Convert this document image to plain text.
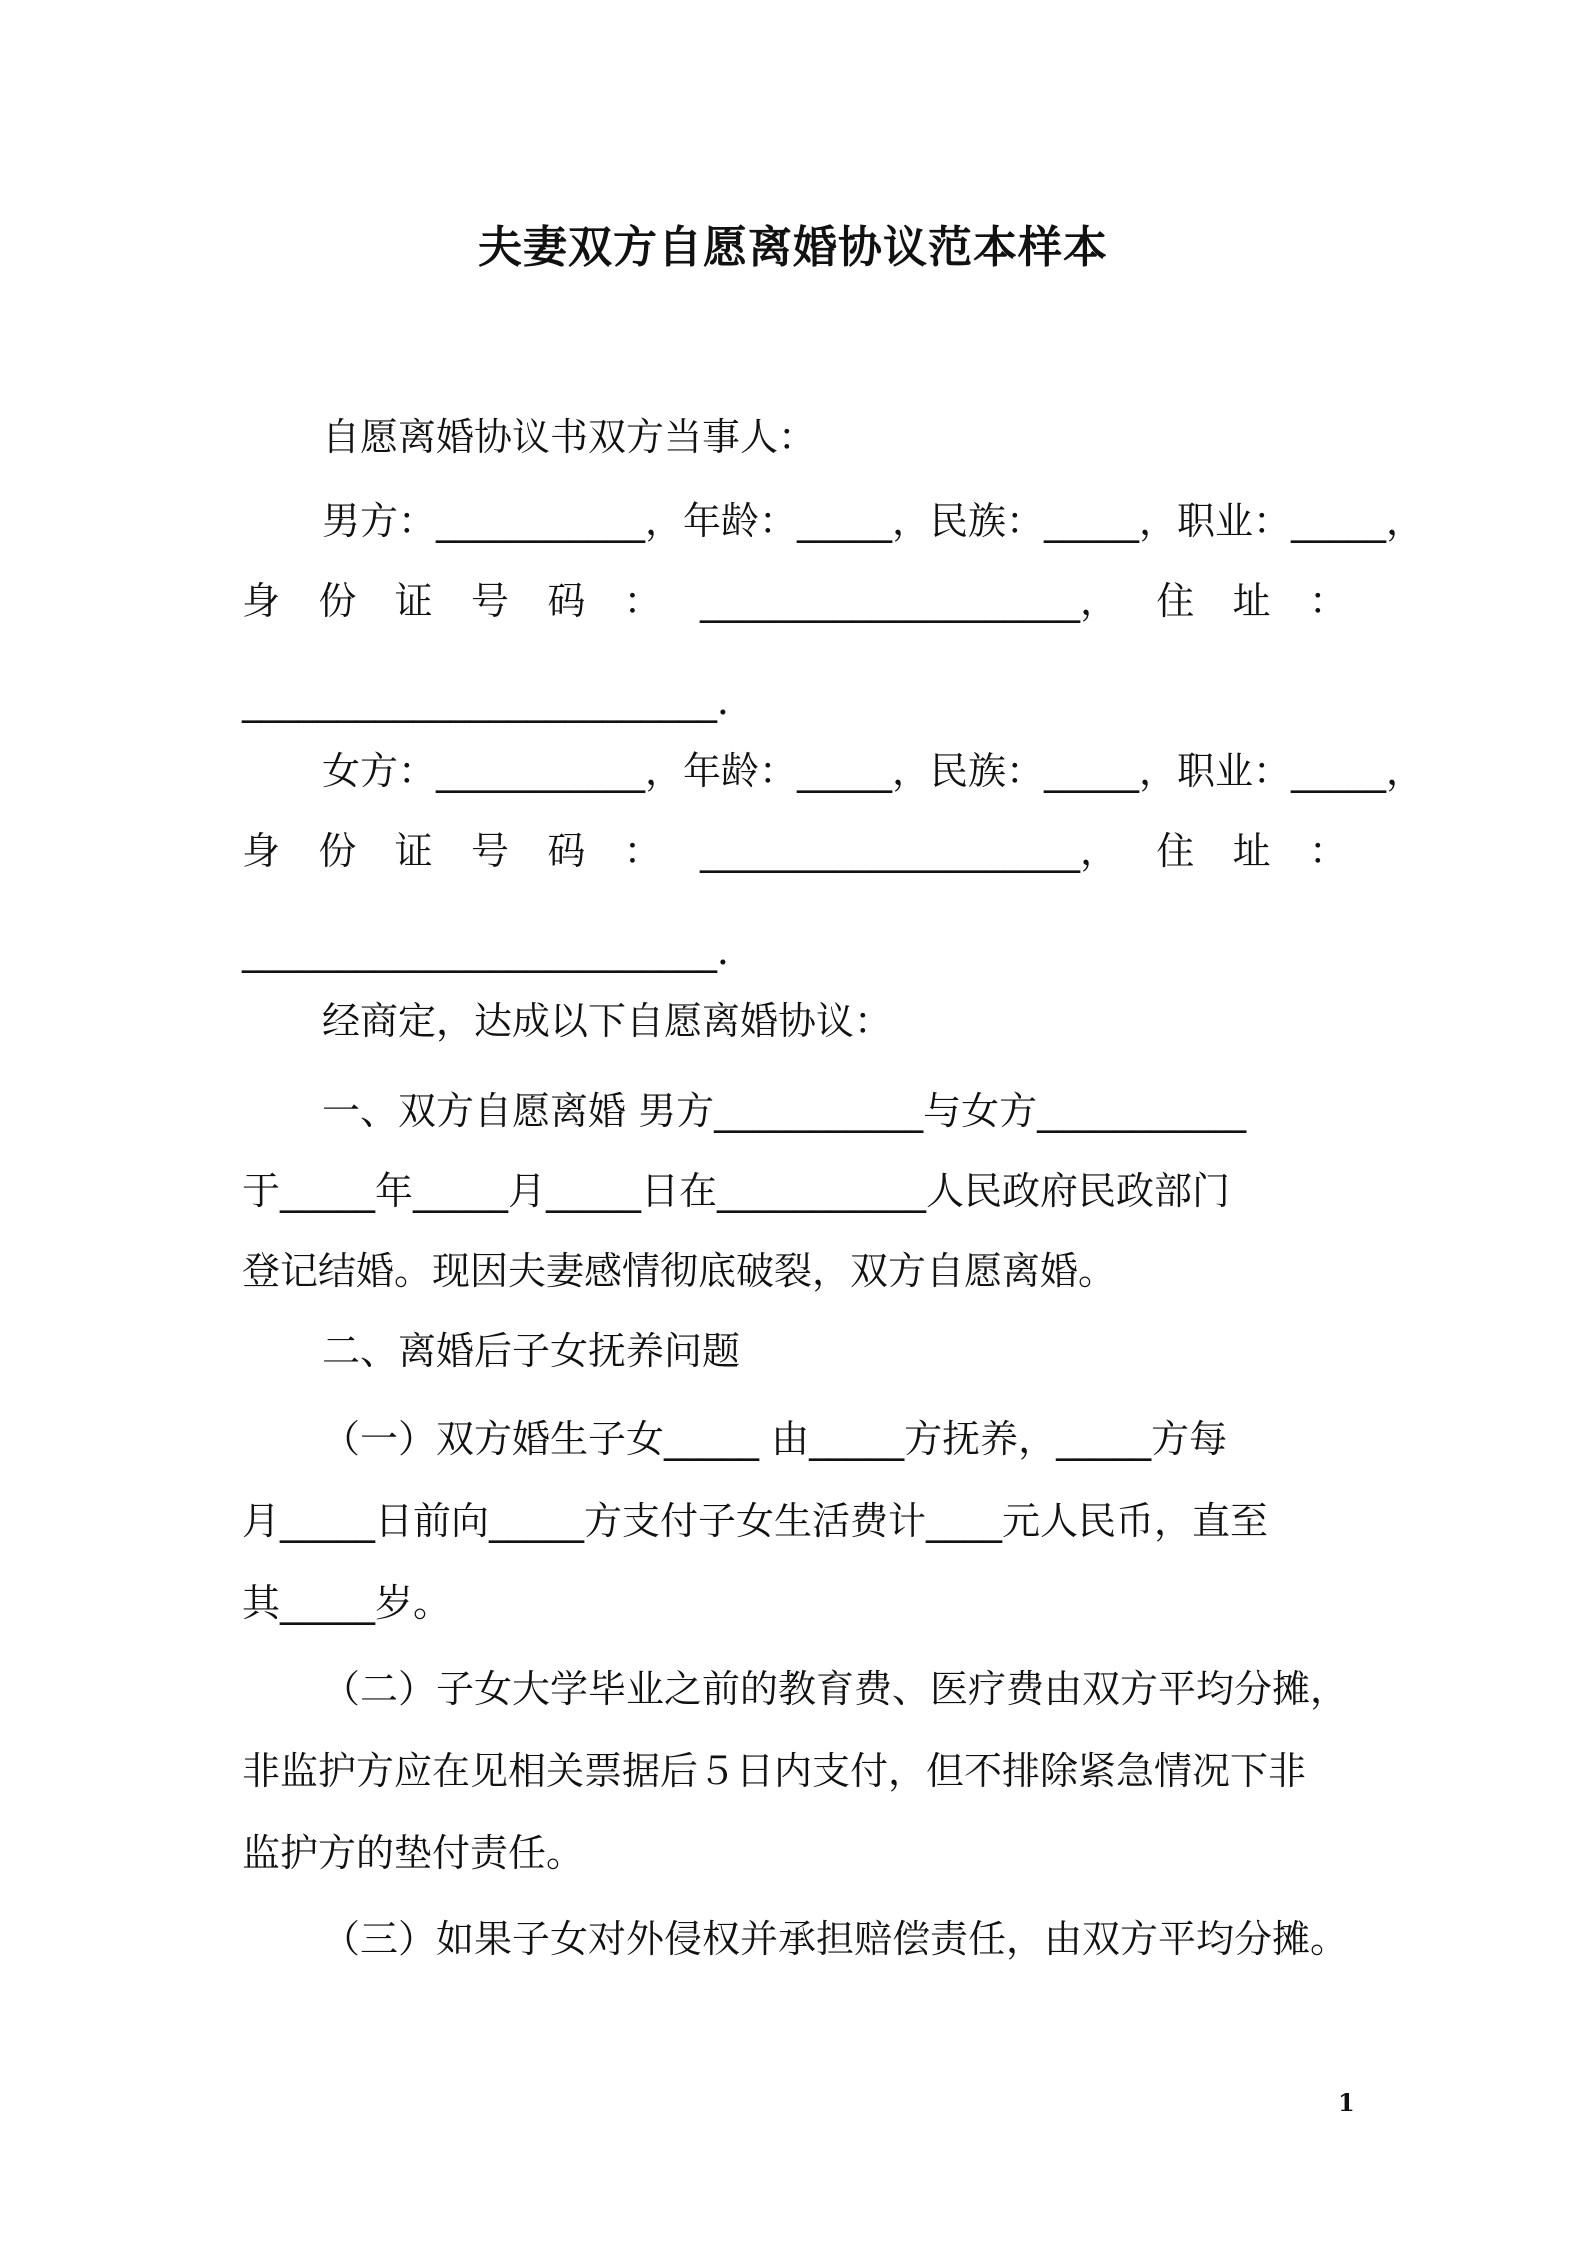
夫妻双方自愿离婚协议范本样本
自愿离婚协议书双方当事人：
男方：___________，年龄：_____，民族：_____，职业：_____，
身 份 证 号 码 ： ____________________， 住 址 ：
_________________________．
女方：___________，年龄：_____，民族：_____，职业：_____，
身 份 证 号 码 ： ____________________， 住 址 ：
_________________________．
经商定，达成以下自愿离婚协议：
一、双方自愿离婚 男方___________与女方___________
于_____年_____月_____日在___________人民政府民政部门
登记结婚。现因夫妻感情彻底破裂，双方自愿离婚。
二、离婚后子女抚养问题
（一）双方婚生子女_____ 由_____方抚养，_____方每
月_____日前向_____方支付子女生活费计____元人民币，直至
其_____岁。
（二）子女大学毕业之前的教育费、医疗费由双方平均分摊，
非监护方应在见相关票据后５日内支付，但不排除紧急情况下非
监护方的垫付责任。
（三）如果子女对外侵权并承担赔偿责任，由双方平均分摊。
1
